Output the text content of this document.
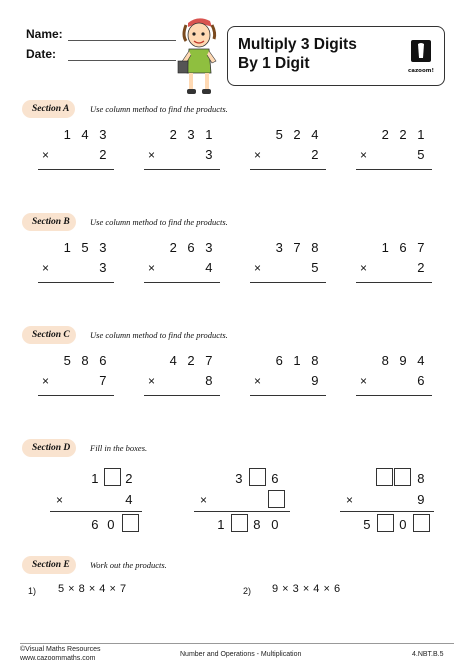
Name:
Date:
Multiply 3 Digits
By 1 Digit	cazoom!
Section A	Use column method to find the products.
1 4 3
×	2
2 3 1
×	3
5 2 4
×	2
2 2 1
×	5
Section B	Use column method to find the products.
1 5 3
×	3
2 6 3
×	4
3 7 8
×	5
1 6 7
×	2
Section C	Use column method to find the products.
5 8 6
×	7
4 2 7
×	8
6 1 8
×	9
8 9 4
×	6
Section D	Fill in the boxes.
1 2
×	4
6 0
3 6
×
1 8 0
8
×	9
5 0
Section E	Work out the products.
1) 5 × 8 × 4 × 7	2) 9 × 3 × 4 × 6
©Visual Maths Resources
www.cazoommaths.com
Number and Operations - Multiplication	4.NBT.B.5
